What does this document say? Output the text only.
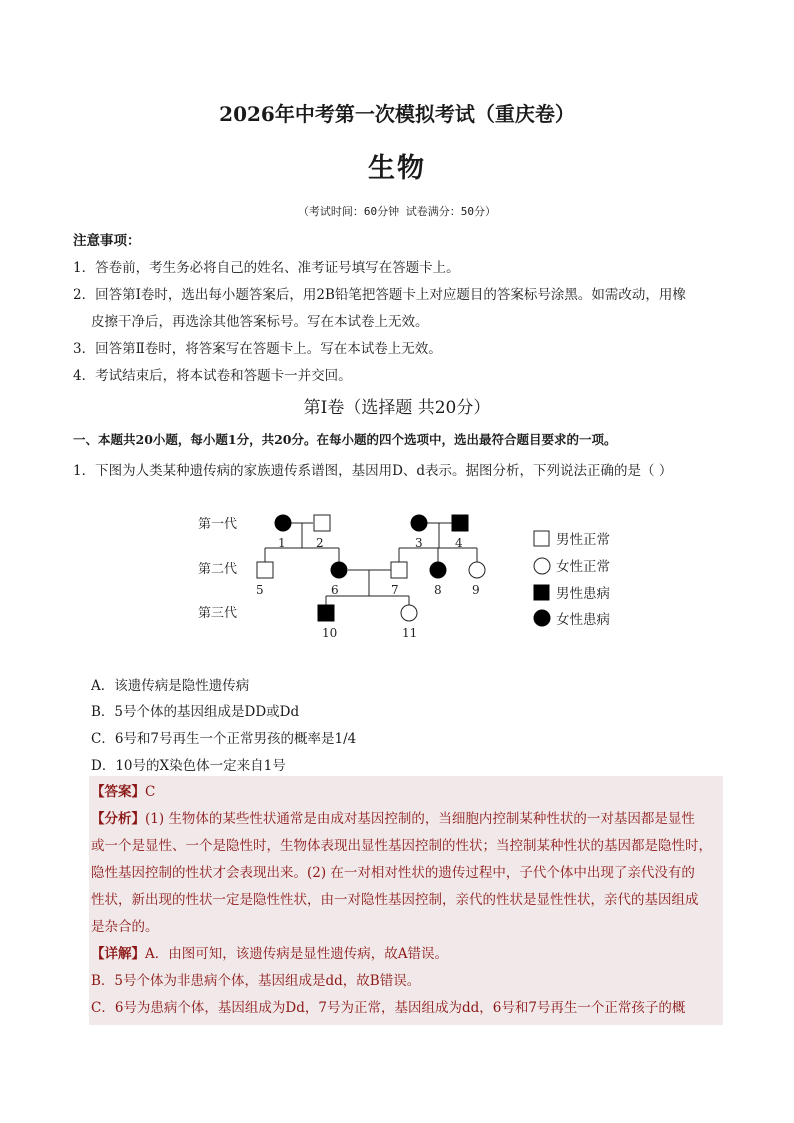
2026年中考第一次模拟考试（重庆卷）
生物
（考试时间：60分钟 试卷满分：50分）
注意事项：
1．答卷前，考生务必将自己的姓名、准考证号填写在答题卡上。
2．回答第Ⅰ卷时，选出每小题答案后，用2B铅笔把答题卡上对应题目的答案标号涂黑。如需改动，用橡
皮擦干净后，再选涂其他答案标号。写在本试卷上无效。
3．回答第Ⅱ卷时，将答案写在答题卡上。写在本试卷上无效。
4．考试结束后，将本试卷和答题卡一并交回。
第Ⅰ卷（选择题 共20分）
一、本题共20小题，每小题1分，共20分。在每小题的四个选项中，选出最符合题目要求的一项。
1．下图为人类某种遗传病的家族遗传系谱图，基因用D、d表示。据图分析，下列说法正确的是（ ）
第一代
第二代
第三代
1	2	3	4
5	6	7	8	9
10	11
男性正常
女性正常
男性患病
女性患病
A．该遗传病是隐性遗传病
B．5号个体的基因组成是DD或Dd
C．6号和7号再生一个正常男孩的概率是1/4
D．10号的X染色体一定来自1号
【答案】C
【分析】(1) 生物体的某些性状通常是由成对基因控制的，当细胞内控制某种性状的一对基因都是显性
或一个是显性、一个是隐性时，生物体表现出显性基因控制的性状；当控制某种性状的基因都是隐性时，
隐性基因控制的性状才会表现出来。(2) 在一对相对性状的遗传过程中，子代个体中出现了亲代没有的
性状，新出现的性状一定是隐性性状，由一对隐性基因控制，亲代的性状是显性性状，亲代的基因组成
是杂合的。
【详解】A．由图可知，该遗传病是显性遗传病，故A错误。
B．5号个体为非患病个体，基因组成是dd，故B错误。
C．6号为患病个体，基因组成为Dd，7号为正常，基因组成为dd，6号和7号再生一个正常孩子的概
